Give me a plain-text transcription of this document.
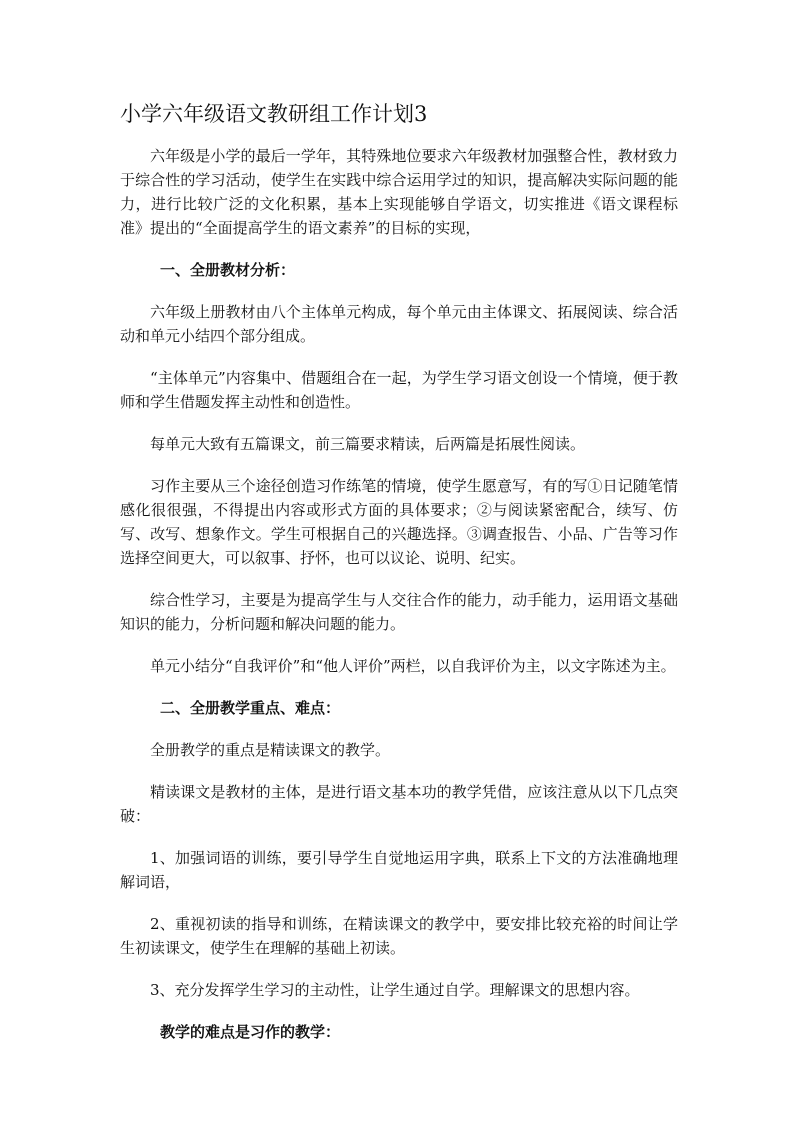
小学六年级语文教研组工作计划3

六年级是小学的最后一学年，其特殊地位要求六年级教材加强整合性，教材致力于综合性的学习活动，使学生在实践中综合运用学过的知识，提高解决实际问题的能力，进行比较广泛的文化积累，基本上实现能够自学语文，切实推进《语文课程标准》提出的“全面提高学生的语文素养”的目标的实现，

一、全册教材分析：

六年级上册教材由八个主体单元构成，每个单元由主体课文、拓展阅读、综合活动和单元小结四个部分组成。

“主体单元”内容集中、借题组合在一起，为学生学习语文创设一个情境，便于教师和学生借题发挥主动性和创造性。

每单元大致有五篇课文，前三篇要求精读，后两篇是拓展性阅读。

习作主要从三个途径创造习作练笔的情境，使学生愿意写，有的写①日记随笔情感化很很强，不得提出内容或形式方面的具体要求；②与阅读紧密配合，续写、仿写、改写、想象作文。学生可根据自己的兴趣选择。③调查报告、小品、广告等习作选择空间更大，可以叙事、抒怀，也可以议论、说明、纪实。

综合性学习，主要是为提高学生与人交往合作的能力，动手能力，运用语文基础知识的能力，分析问题和解决问题的能力。

单元小结分“自我评价”和“他人评价”两栏，以自我评价为主，以文字陈述为主。

二、全册教学重点、难点：

全册教学的重点是精读课文的教学。

精读课文是教材的主体，是进行语文基本功的教学凭借，应该注意从以下几点突破：

1、加强词语的训练，要引导学生自觉地运用字典，联系上下文的方法准确地理解词语，

2、重视初读的指导和训练，在精读课文的教学中，要安排比较充裕的时间让学生初读课文，使学生在理解的基础上初读。

3、充分发挥学生学习的主动性，让学生通过自学。理解课文的思想内容。

教学的难点是习作的教学：
